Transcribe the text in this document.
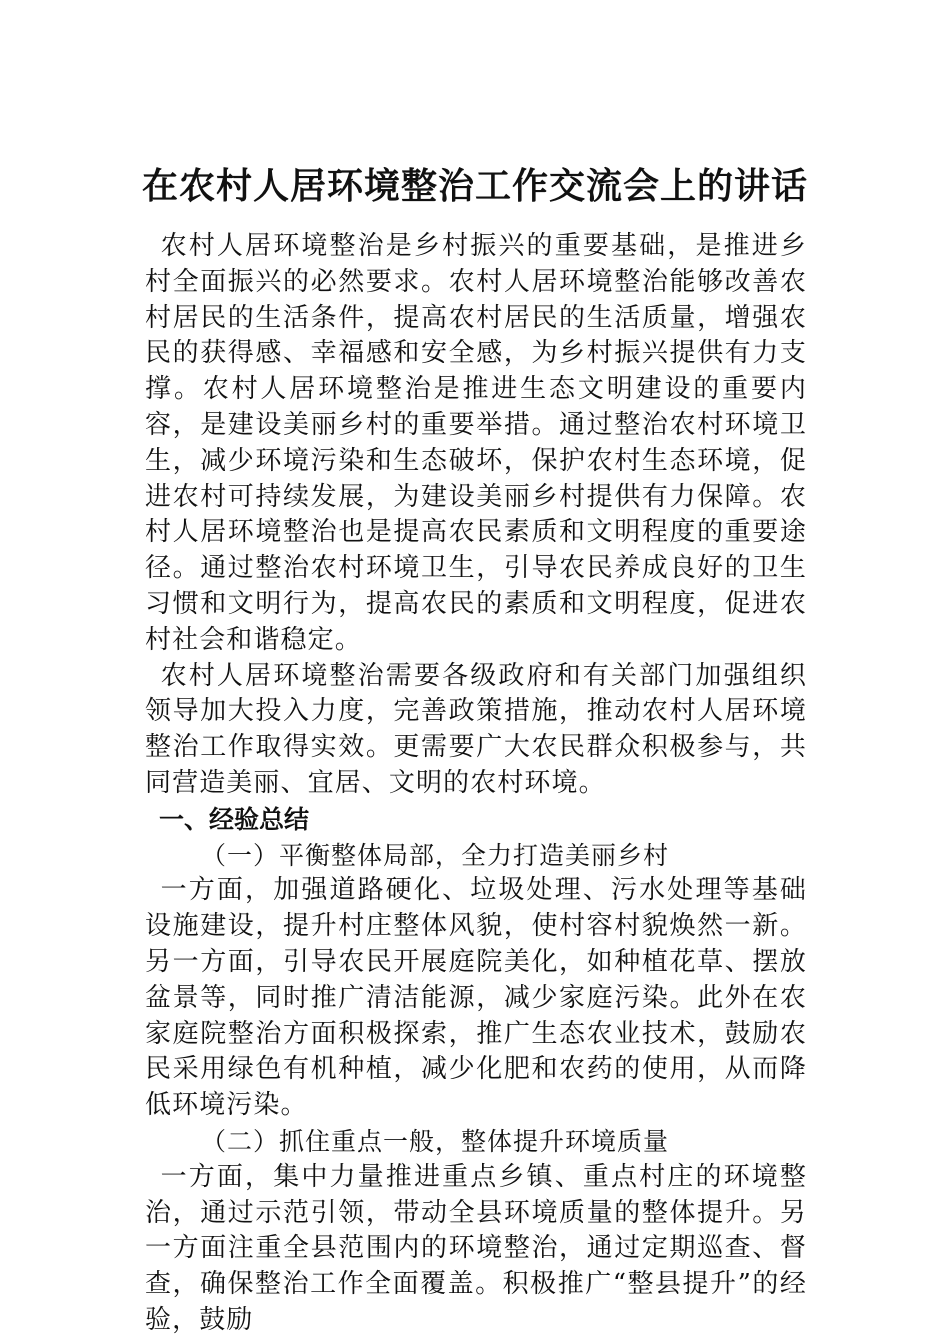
在农村人居环境整治工作交流会上的讲话

农村人居环境整治是乡村振兴的重要基础，是推进乡村全面振兴的必然要求。农村人居环境整治能够改善农村居民的生活条件，提高农村居民的生活质量，增强农民的获得感、幸福感和安全感，为乡村振兴提供有力支撑。农村人居环境整治是推进生态文明建设的重要内容，是建设美丽乡村的重要举措。通过整治农村环境卫生，减少环境污染和生态破坏，保护农村生态环境，促进农村可持续发展，为建设美丽乡村提供有力保障。农村人居环境整治也是提高农民素质和文明程度的重要途径。通过整治农村环境卫生，引导农民养成良好的卫生习惯和文明行为，提高农民的素质和文明程度，促进农村社会和谐稳定。

农村人居环境整治需要各级政府和有关部门加强组织领导加大投入力度，完善政策措施，推动农村人居环境整治工作取得实效。更需要广大农民群众积极参与，共同营造美丽、宜居、文明的农村环境。

一、经验总结

（一）平衡整体局部，全力打造美丽乡村

一方面，加强道路硬化、垃圾处理、污水处理等基础设施建设，提升村庄整体风貌，使村容村貌焕然一新。另一方面，引导农民开展庭院美化，如种植花草、摆放盆景等，同时推广清洁能源，减少家庭污染。此外在农家庭院整治方面积极探索，推广生态农业技术，鼓励农民采用绿色有机种植，减少化肥和农药的使用，从而降低环境污染。

（二）抓住重点一般，整体提升环境质量

一方面，集中力量推进重点乡镇、重点村庄的环境整治，通过示范引领，带动全县环境质量的整体提升。另一方面注重全县范围内的环境整治，通过定期巡查、督查，确保整治工作全面覆盖。积极推广“整县提升”的经验，鼓励
